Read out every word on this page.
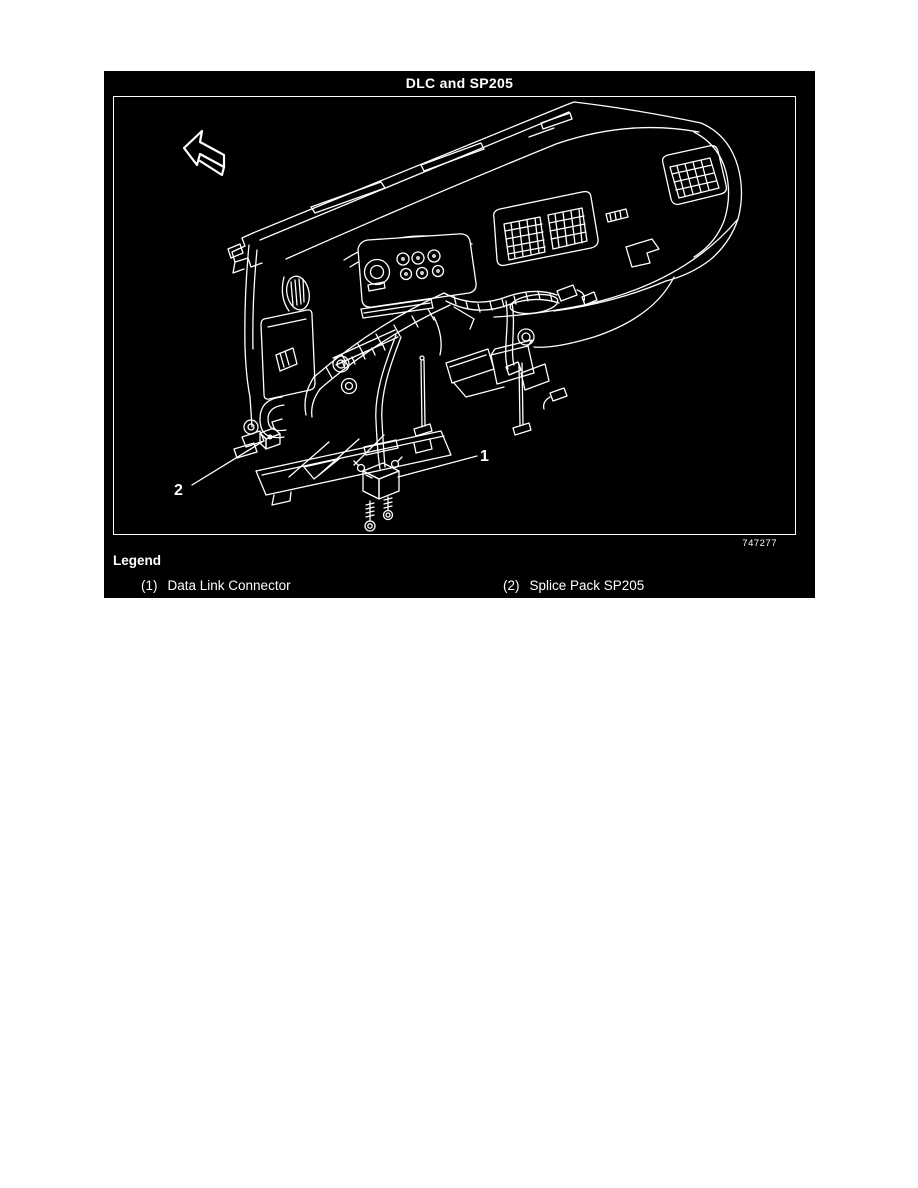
DLC and SP205
1
2
747277
Legend
(1) Data Link Connector	(2) Splice Pack SP205
